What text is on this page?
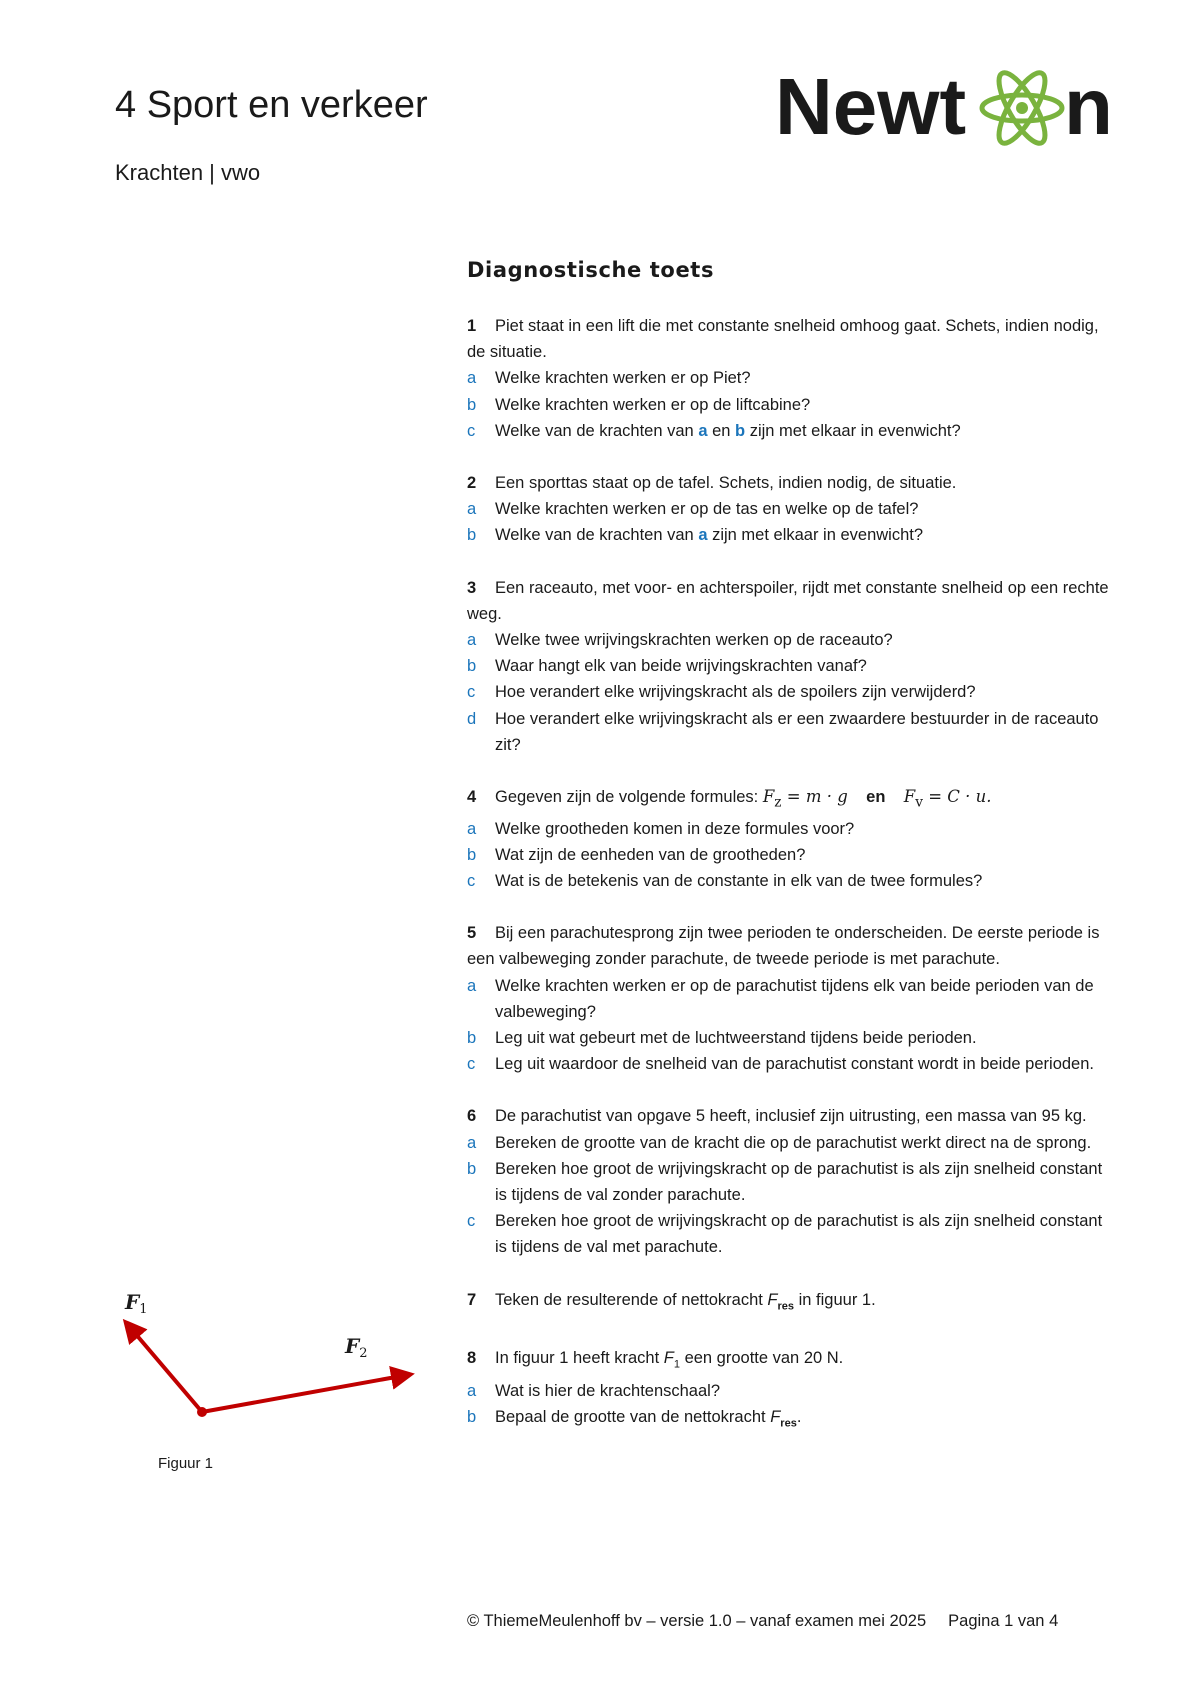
4 Sport en verkeer
Krachten | vwo
Newt n
Diagnostische toets
1 Piet staat in een lift die met constante snelheid omhoog gaat. Schets, indien nodig, de situatie.
a	Welke krachten werken er op Piet?
b	Welke krachten werken er op de liftcabine?
c	Welke van de krachten van a en b zijn met elkaar in evenwicht?
2 Een sporttas staat op de tafel. Schets, indien nodig, de situatie.
a	Welke krachten werken er op de tas en welke op de tafel?
b	Welke van de krachten van a zijn met elkaar in evenwicht?
3 Een raceauto, met voor- en achterspoiler, rijdt met constante snelheid op een rechte weg.
a	Welke twee wrijvingskrachten werken op de raceauto?
b	Waar hangt elk van beide wrijvingskrachten vanaf?
c	Hoe verandert elke wrijvingskracht als de spoilers zijn verwijderd?
d	Hoe verandert elke wrijvingskracht als er een zwaardere bestuurder in de raceauto zit?
4 Gegeven zijn de volgende formules: $F_z = m \cdot g$ en $F_v = C \cdot u$.
a	Welke grootheden komen in deze formules voor?
b	Wat zijn de eenheden van de grootheden?
c	Wat is de betekenis van de constante in elk van de twee formules?
5 Bij een parachutesprong zijn twee perioden te onderscheiden. De eerste periode is een valbeweging zonder parachute, de tweede periode is met parachute.
a	Welke krachten werken er op de parachutist tijdens elk van beide perioden van de valbeweging?
b	Leg uit wat gebeurt met de luchtweerstand tijdens beide perioden.
c	Leg uit waardoor de snelheid van de parachutist constant wordt in beide perioden.
6 De parachutist van opgave 5 heeft, inclusief zijn uitrusting, een massa van 95 kg.
a	Bereken de grootte van de kracht die op de parachutist werkt direct na de sprong.
b	Bereken hoe groot de wrijvingskracht op de parachutist is als zijn snelheid constant is tijdens de val zonder parachute.
c	Bereken hoe groot de wrijvingskracht op de parachutist is als zijn snelheid constant is tijdens de val met parachute.
7 Teken de resulterende of nettokracht $F_{res}$ in figuur 1.
8 In figuur 1 heeft kracht $F_1$ een grootte van 20 N.
a	Wat is hier de krachtenschaal?
b	Bepaal de grootte van de nettokracht $F_{res}$.
$F_1$
$F_2$
Figuur 1
© ThiemeMeulenhoff bv – versie 1.0 – vanaf examen mei 2025 Pagina 1 van 4
